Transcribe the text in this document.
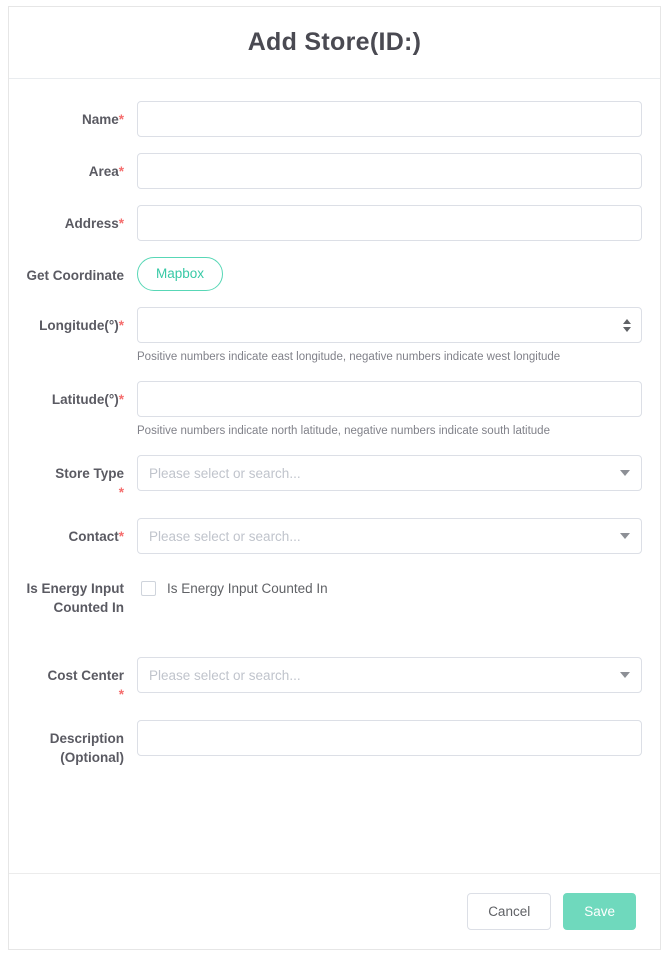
Add Store(ID:)
Name*
Area*
Address*
Get Coordinate	Mapbox
Longitude(°)*
Positive numbers indicate east longitude, negative numbers indicate west longitude
Latitude(°)*
Positive numbers indicate north latitude, negative numbers indicate south latitude
Store Type
*
Please select or search...
Contact*
Please select or search...
Is Energy Input Counted In
Is Energy Input Counted In
Cost Center
*
Please select or search...
Description (Optional)
Cancel	Save
